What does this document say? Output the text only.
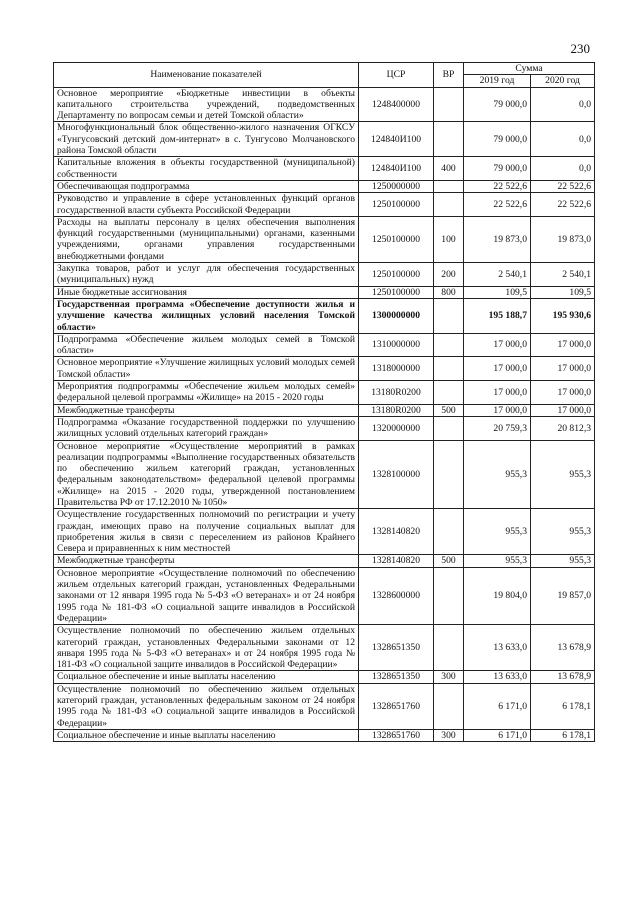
230
Наименование показателей	ЦСР	ВР	Сумма	
			2019 год	2020 год
Основное мероприятие «Бюджетные инвестиции в объекты капитального строительства учреждений, подведомственных Департаменту по вопросам семьи и детей Томской области»	1248400000		79 000,0	0,0
Многофункциональный блок общественно-жилого назначения ОГКСУ «Тунгусовский детский дом-интернат» в с. Тунгусово Молчановского района Томской области	124840И100		79 000,0	0,0
Капитальные вложения в объекты государственной (муниципальной) собственности	124840И100	400	79 000,0	0,0
Обеспечивающая подпрограмма	1250000000		22 522,6	22 522,6
Руководство и управление в сфере установленных функций органов государственной власти субъекта Российской Федерации	1250100000		22 522,6	22 522,6
Расходы на выплаты персоналу в целях обеспечения выполнения функций государственными (муниципальными) органами, казенными учреждениями, органами управления государственными внебюджетными фондами	1250100000	100	19 873,0	19 873,0
Закупка товаров, работ и услуг для обеспечения государственных (муниципальных) нужд	1250100000	200	2 540,1	2 540,1
Иные бюджетные ассигнования	1250100000	800	109,5	109,5
Государственная программа «Обеспечение доступности жилья и улучшение качества жилищных условий населения Томской области»	1300000000		195 188,7	195 930,6
Подпрограмма «Обеспечение жильем молодых семей в Томской области»	1310000000		17 000,0	17 000,0
Основное мероприятие «Улучшение жилищных условий молодых семей Томской области»	1318000000		17 000,0	17 000,0
Мероприятия подпрограммы «Обеспечение жильем молодых семей» федеральной целевой программы «Жилище» на 2015 - 2020 годы	13180R0200		17 000,0	17 000,0
Межбюджетные трансферты	13180R0200	500	17 000,0	17 000,0
Подпрограмма «Оказание государственной поддержки по улучшению жилищных условий отдельных категорий граждан»	1320000000		20 759,3	20 812,3
Основное мероприятие «Осуществление мероприятий в рамках реализации подпрограммы «Выполнение государственных обязательств по обеспечению жильем категорий граждан, установленных федеральным законодательством» федеральной целевой программы «Жилище» на 2015 - 2020 годы, утвержденной постановлением Правительства РФ от 17.12.2010 № 1050»	1328100000		955,3	955,3
Осуществление государственных полномочий по регистрации и учету граждан, имеющих право на получение социальных выплат для приобретения жилья в связи с переселением из районов Крайнего Севера и приравненных к ним местностей	1328140820		955,3	955,3
Межбюджетные трансферты	1328140820	500	955,3	955,3
Основное мероприятие «Осуществление полномочий по обеспечению жильем отдельных категорий граждан, установленных Федеральными законами от 12 января 1995 года № 5-ФЗ «О ветеранах» и от 24 ноября 1995 года № 181-ФЗ «О социальной защите инвалидов в Российской Федерации»	1328600000		19 804,0	19 857,0
Осуществление полномочий по обеспечению жильем отдельных категорий граждан, установленных Федеральными законами от 12 января 1995 года № 5-ФЗ «О ветеранах» и от 24 ноября 1995 года № 181-ФЗ «О социальной защите инвалидов в Российской Федерации»	1328651350		13 633,0	13 678,9
Социальное обеспечение и иные выплаты населению	1328651350	300	13 633,0	13 678,9
Осуществление полномочий по обеспечению жильем отдельных категорий граждан, установленных федеральным законом от 24 ноября 1995 года № 181-ФЗ «О социальной защите инвалидов в Российской Федерации»	1328651760		6 171,0	6 178,1
Социальное обеспечение и иные выплаты населению	1328651760	300	6 171,0	6 178,1
